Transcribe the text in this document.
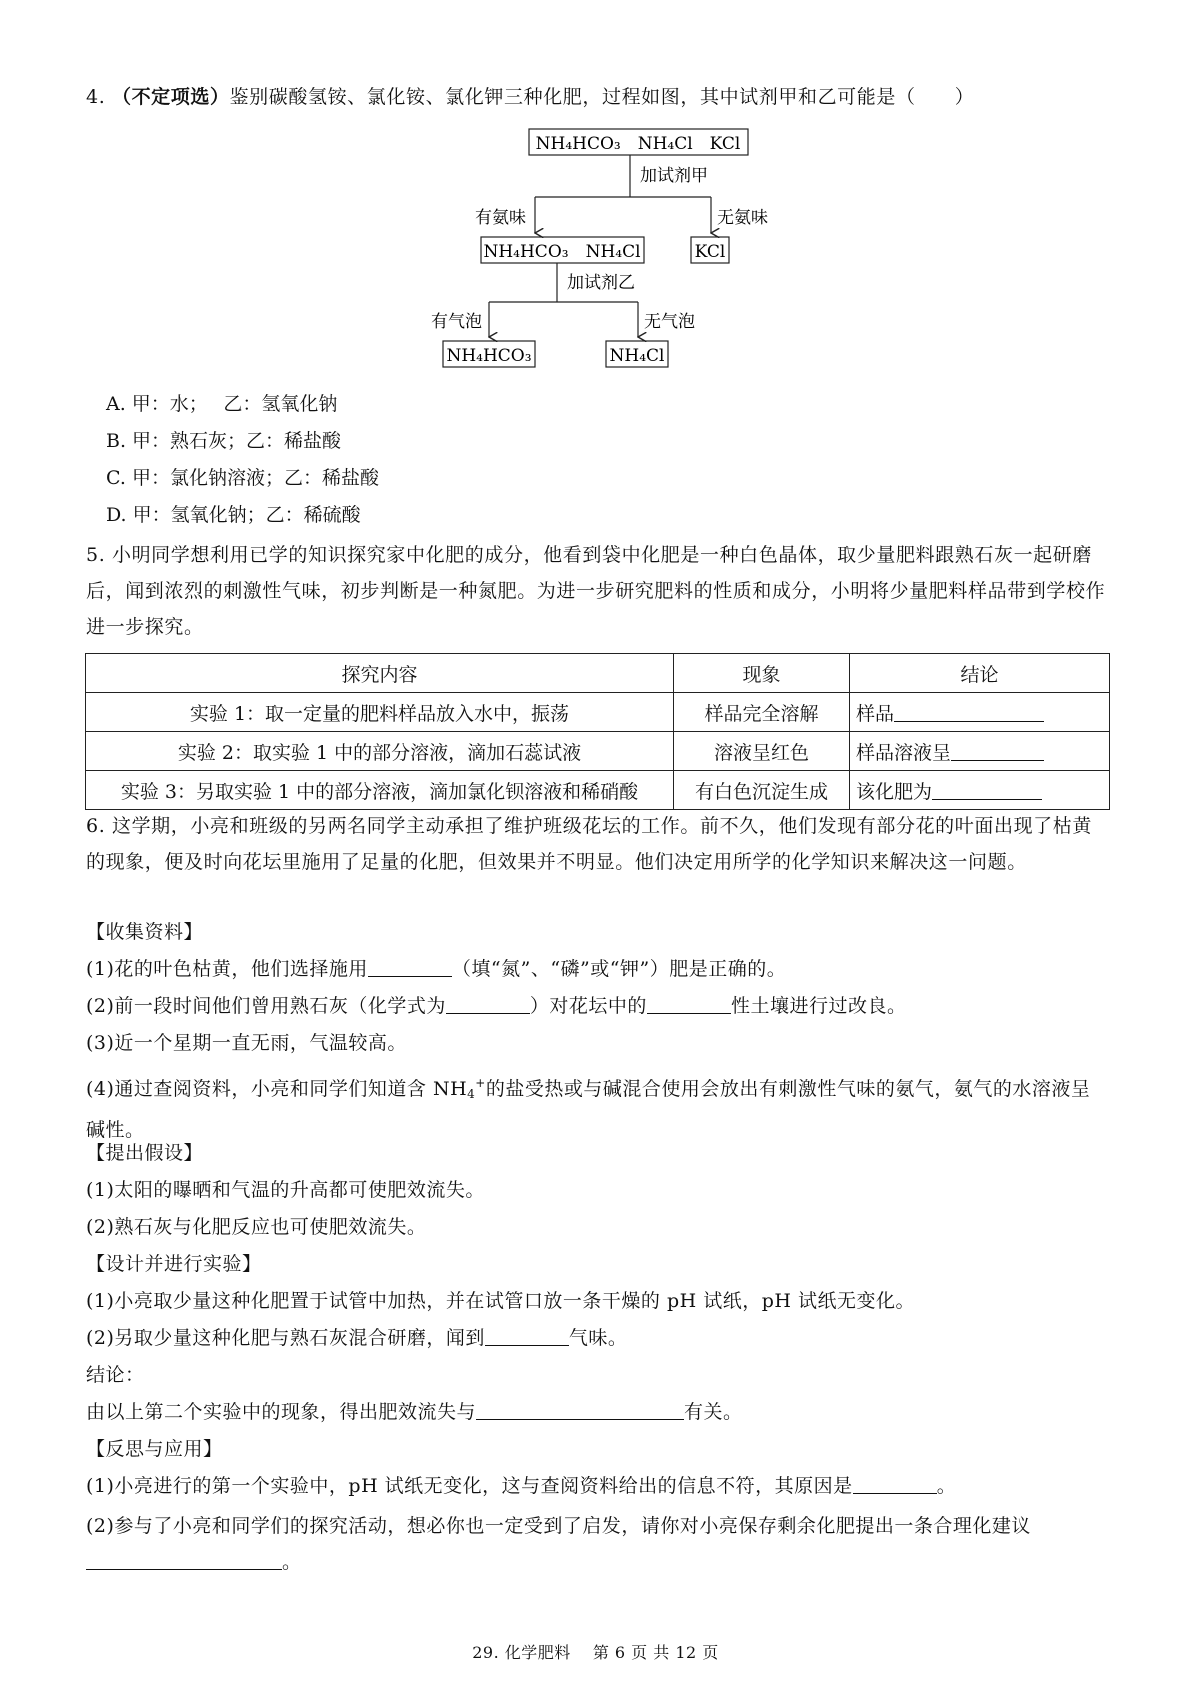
4. （不定项选）鉴别碳酸氢铵、氯化铵、氯化钾三种化肥，过程如图，其中试剂甲和乙可能是（　　）
NH₄HCO₃　NH₄Cl　KCl
加试剂甲
有氨味	无氨味
NH₄HCO₃　NH₄Cl	KCl
加试剂乙
有气泡	无气泡
NH₄HCO₃	NH₄Cl
A. 甲：水；　 乙：氢氧化钠
B. 甲：熟石灰；乙：稀盐酸
C. 甲：氯化钠溶液；乙：稀盐酸
D. 甲：氢氧化钠；乙：稀硫酸
5. 小明同学想利用已学的知识探究家中化肥的成分，他看到袋中化肥是一种白色晶体，取少量肥料跟熟石灰一起研磨后，闻到浓烈的刺激性气味，初步判断是一种氮肥。为进一步研究肥料的性质和成分，小明将少量肥料样品带到学校作进一步探究。
探究内容	现象	结论
实验 1：取一定量的肥料样品放入水中，振荡	样品完全溶解	样品
实验 2：取实验 1 中的部分溶液，滴加石蕊试液	溶液呈红色	样品溶液呈
实验 3：另取实验 1 中的部分溶液，滴加氯化钡溶液和稀硝酸	有白色沉淀生成	该化肥为
6. 这学期，小亮和班级的另两名同学主动承担了维护班级花坛的工作。前不久，他们发现有部分花的叶面出现了枯黄的现象，便及时向花坛里施用了足量的化肥，但效果并不明显。他们决定用所学的化学知识来解决这一问题。
【收集资料】
(1)花的叶色枯黄，他们选择施用	（填“氮”、“磷”或“钾”）肥是正确的。
(2)前一段时间他们曾用熟石灰（化学式为	）对花坛中的	性土壤进行过改良。
(3)近一个星期一直无雨，气温较高。
(4)通过查阅资料，小亮和同学们知道含 $NH_4^+$的盐受热或与碱混合使用会放出有刺激性气味的氨气，氨气的水溶液呈碱性。
【提出假设】
(1)太阳的曝晒和气温的升高都可使肥效流失。
(2)熟石灰与化肥反应也可使肥效流失。
【设计并进行实验】
(1)小亮取少量这种化肥置于试管中加热，并在试管口放一条干燥的 pH 试纸，pH 试纸无变化。
(2)另取少量这种化肥与熟石灰混合研磨，闻到	气味。
结论：
由以上第二个实验中的现象，得出肥效流失与	有关。
【反思与应用】
(1)小亮进行的第一个实验中，pH 试纸无变化，这与查阅资料给出的信息不符，其原因是	。
(2)参与了小亮和同学们的探究活动，想必你也一定受到了启发，请你对小亮保存剩余化肥提出一条合理化建议。
29. 化学肥料　 第 6 页 共 12 页
